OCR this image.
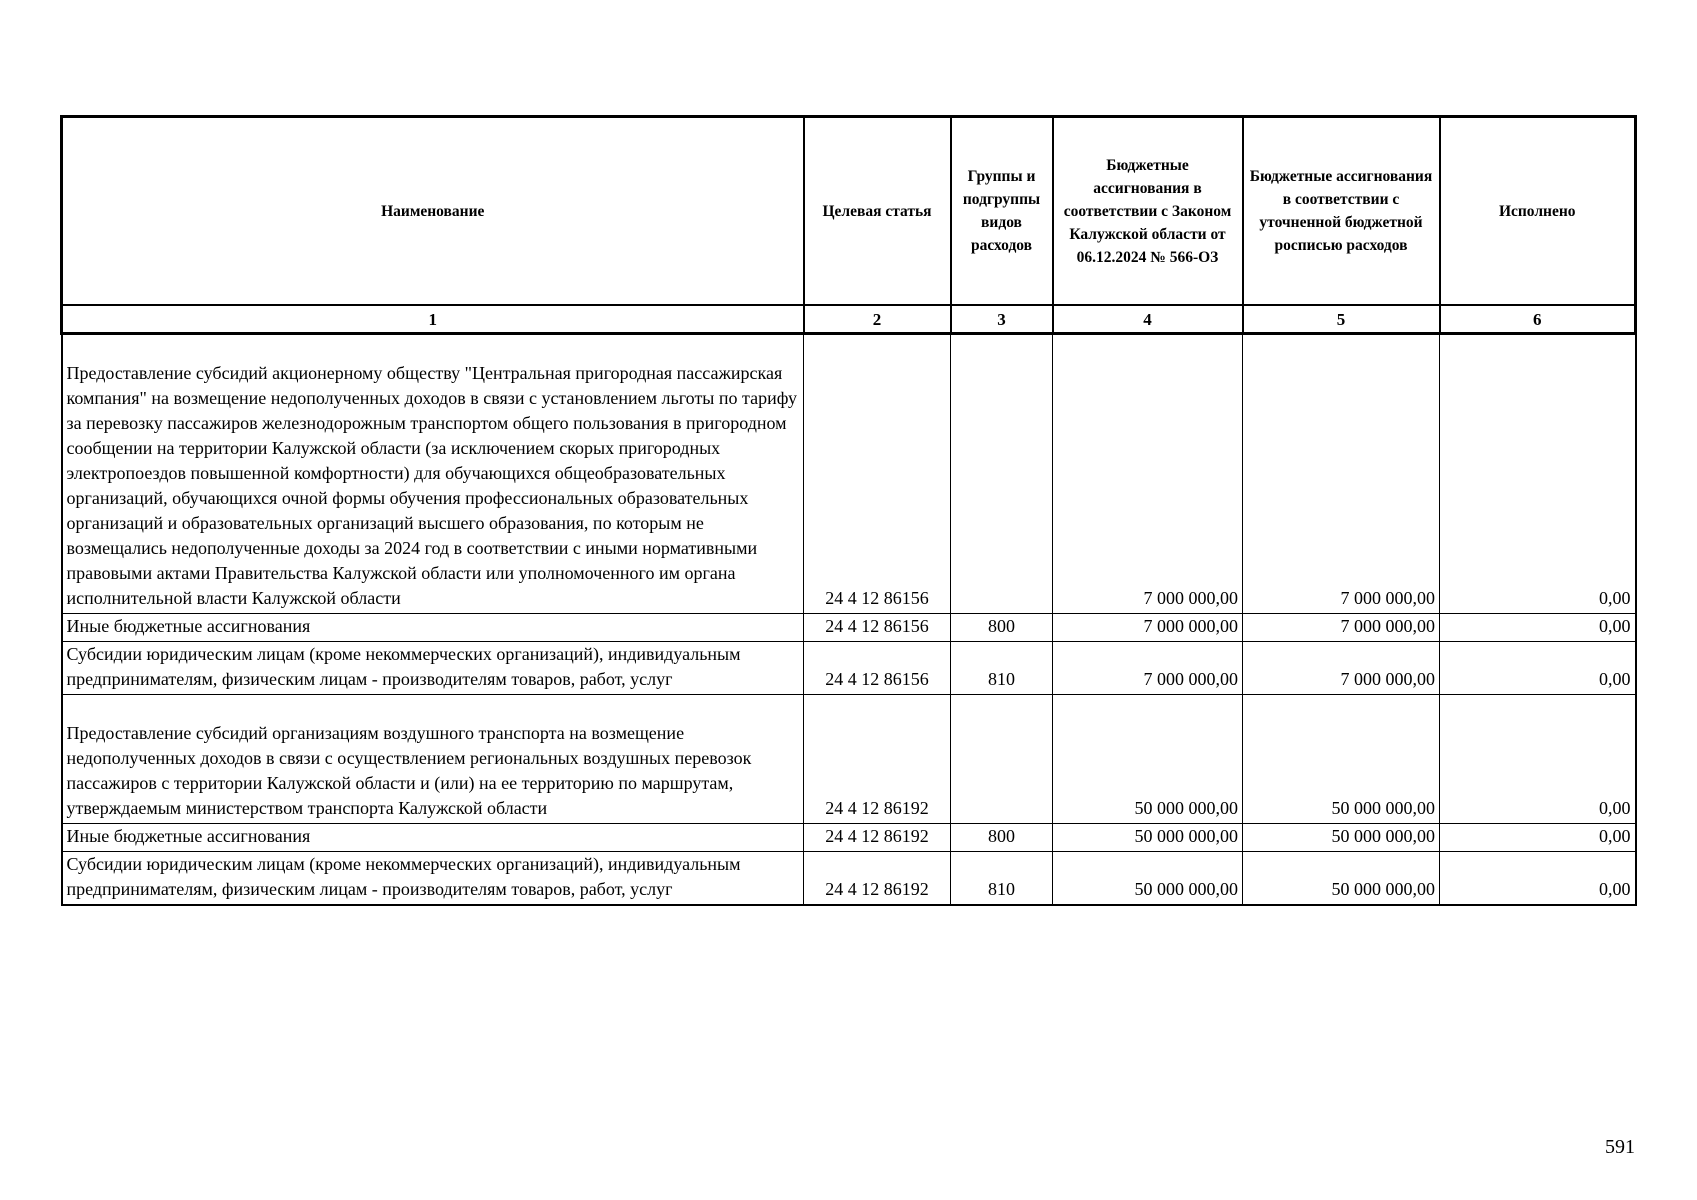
Наименование	Целевая статья	Группы и подгруппы видов расходов	Бюджетные ассигнования в соответствии с Законом Калужской области от 06.12.2024 № 566-ОЗ	Бюджетные ассигнования в соответствии с уточненной бюджетной росписью расходов	Исполнено
1	2	3	4	5	6
Предоставление субсидий акционерному обществу "Центральная пригородная пассажирская компания" на возмещение недополученных доходов в связи с установлением льготы по тарифу за перевозку пассажиров железнодорожным транспортом общего пользования в пригородном сообщении на территории Калужской области (за исключением скорых пригородных электропоездов повышенной комфортности) для обучающихся общеобразовательных организаций, обучающихся очной формы обучения профессиональных образовательных организаций и образовательных организаций высшего образования, по которым не возмещались недополученные доходы за 2024 год в соответствии с иными нормативными правовыми актами Правительства Калужской области или уполномоченного им органа исполнительной власти Калужской области	24 4 12 86156		7 000 000,00	7 000 000,00	0,00
Иные бюджетные ассигнования	24 4 12 86156	800	7 000 000,00	7 000 000,00	0,00
Субсидии юридическим лицам (кроме некоммерческих организаций), индивидуальным предпринимателям, физическим лицам - производителям товаров, работ, услуг	24 4 12 86156	810	7 000 000,00	7 000 000,00	0,00
Предоставление субсидий организациям воздушного транспорта на возмещение недополученных доходов в связи с осуществлением региональных воздушных перевозок пассажиров с территории Калужской области и (или) на ее территорию по маршрутам, утверждаемым министерством транспорта Калужской области	24 4 12 86192		50 000 000,00	50 000 000,00	0,00
Иные бюджетные ассигнования	24 4 12 86192	800	50 000 000,00	50 000 000,00	0,00
Субсидии юридическим лицам (кроме некоммерческих организаций), индивидуальным предпринимателям, физическим лицам - производителям товаров, работ, услуг	24 4 12 86192	810	50 000 000,00	50 000 000,00	0,00
591
